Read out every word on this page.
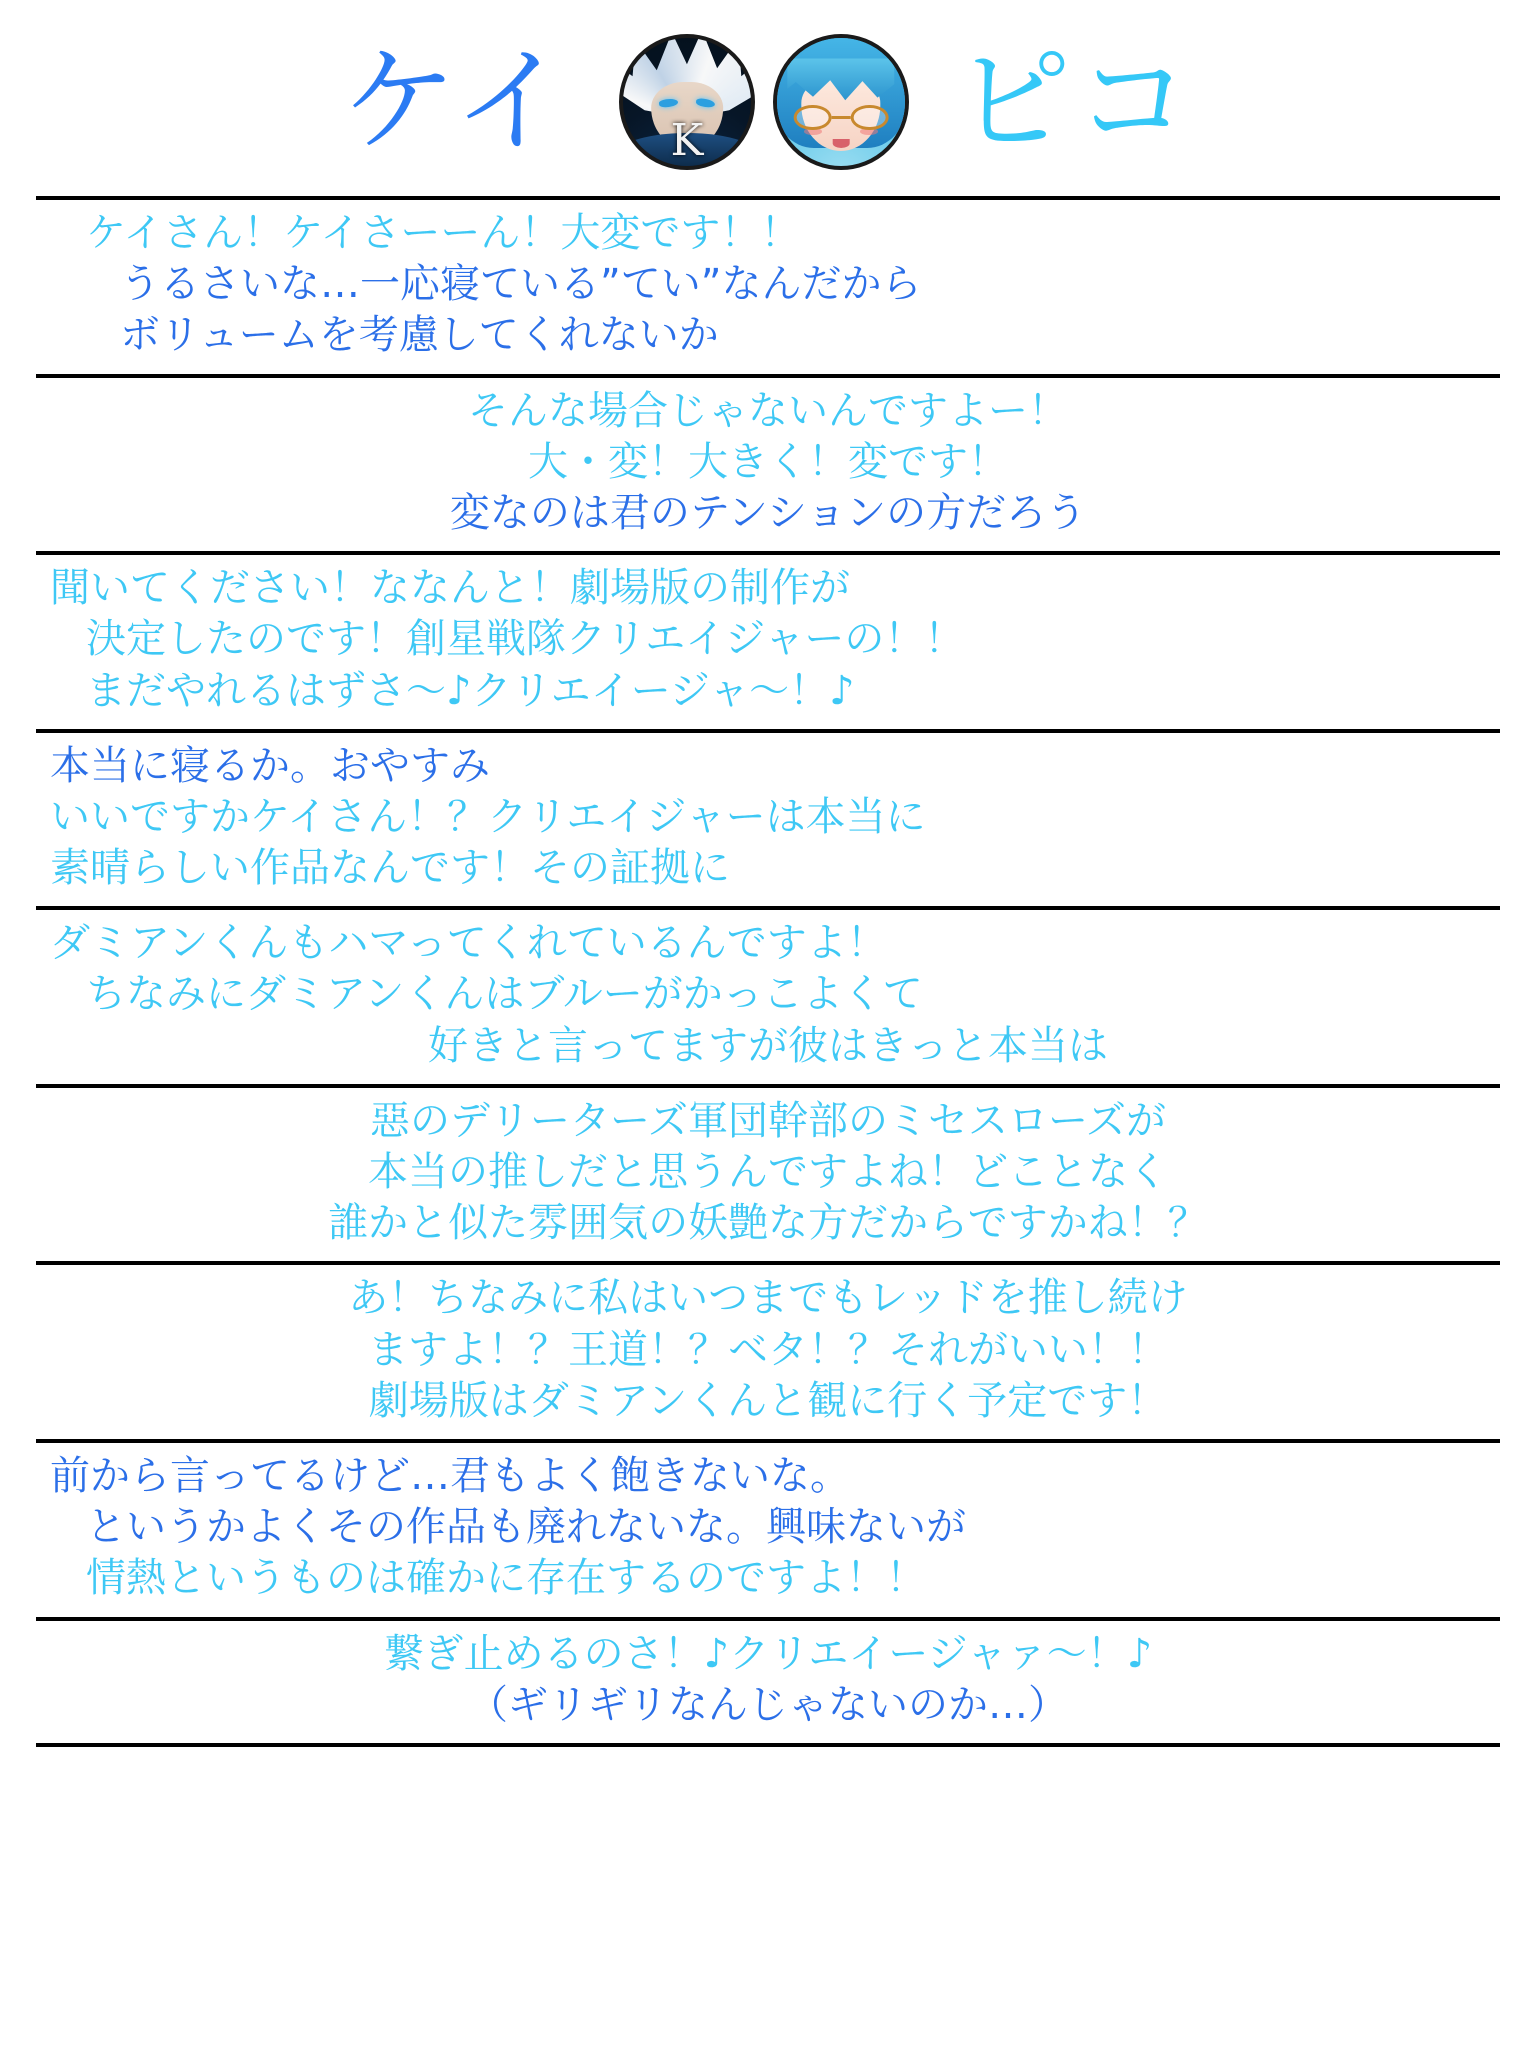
ケイ K ピコ
ケイさん！ケイさーーん！大変です！！
うるさいな…一応寝ている”てい”なんだから
ボリュームを考慮してくれないか
そんな場合じゃないんですよー！
大・変！大きく！変です！
変なのは君のテンションの方だろう
聞いてください！ななんと！劇場版の制作が
決定したのです！創星戦隊クリエイジャーの！！
まだやれるはずさ〜♪クリエイージャ〜！♪
本当に寝るか。おやすみ
いいですかケイさん！？クリエイジャーは本当に
素晴らしい作品なんです！その証拠に
ダミアンくんもハマってくれているんですよ！
ちなみにダミアンくんはブルーがかっこよくて
好きと言ってますが彼はきっと本当は
惡のデリーターズ軍団幹部のミセスローズが
本当の推しだと思うんですよね！どことなく
誰かと似た雰囲気の妖艶な方だからですかね！？
あ！ちなみに私はいつまでもレッドを推し続け
ますよ！？王道！？ベタ！？それがいい！！
劇場版はダミアンくんと観に行く予定です！
前から言ってるけど…君もよく飽きないな。
というかよくその作品も廃れないな。興味ないが
情熱というものは確かに存在するのですよ！！
繋ぎ止めるのさ！♪クリエイージャァ〜！♪
（ギリギリなんじゃないのか…）
